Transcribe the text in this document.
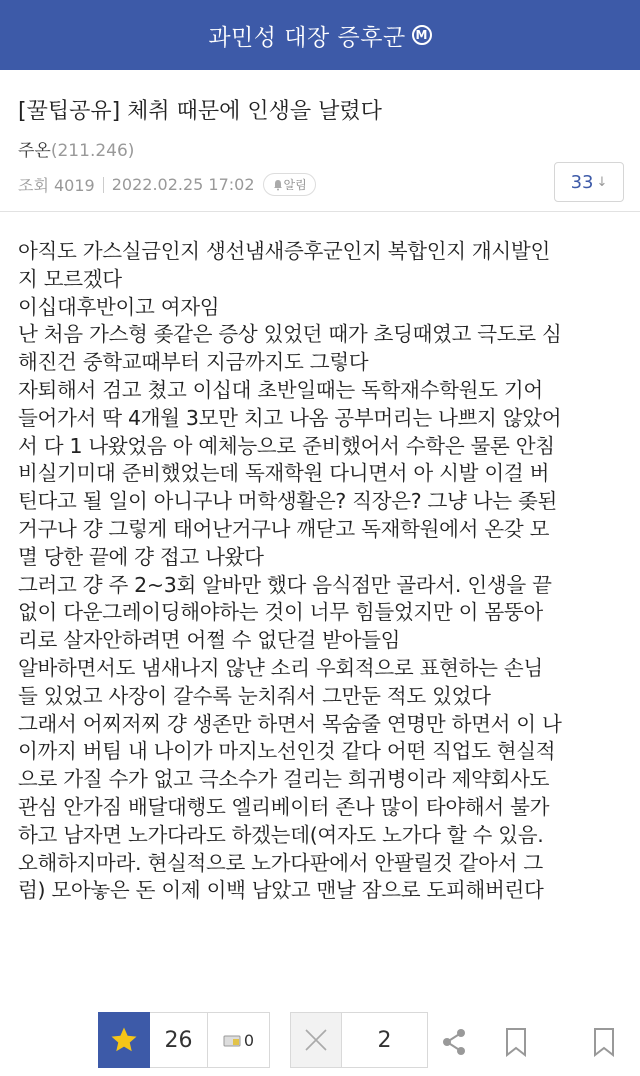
과민성 대장 증후군 M
[꿀팁공유] 체취 때문에 인생을 날렸다
주온(211.246)
조회 4019 2022.02.25 17:02 알림	33 ↓
아직도 가스실금인지 생선냄새증후군인지 복합인지 개시발인
지 모르겠다
이십대후반이고 여자임
난 처음 가스형 좆같은 증상 있었던 때가 초딩때였고 극도로 심
해진건 중학교때부터 지금까지도 그렇다
자퇴해서 검고 쳤고 이십대 초반일때는 독학재수학원도 기어
들어가서 딱 4개월 3모만 치고 나옴 공부머리는 나쁘지 않았어
서 다 1 나왔었음 아 예체능으로 준비했어서 수학은 물론 안침
비실기미대 준비했었는데 독재학원 다니면서 아 시발 이걸 버
틴다고 될 일이 아니구나 머학생활은? 직장은? 그냥 나는 좆된
거구나 걍 그렇게 태어난거구나 깨닫고 독재학원에서 온갖 모
멸 당한 끝에 걍 접고 나왔다
그러고 걍 주 2~3회 알바만 했다 음식점만 골라서. 인생을 끝
없이 다운그레이딩해야하는 것이 너무 힘들었지만 이 몸뚱아
리로 살자안하려면 어쩔 수 없단걸 받아들임
알바하면서도 냄새나지 않냔 소리 우회적으로 표현하는 손님
들 있었고 사장이 갈수록 눈치줘서 그만둔 적도 있었다
그래서 어찌저찌 걍 생존만 하면서 목숨줄 연명만 하면서 이 나
이까지 버팀 내 나이가 마지노선인것 같다 어떤 직업도 현실적
으로 가질 수가 없고 극소수가 걸리는 희귀병이라 제약회사도
관심 안가짐 배달대행도 엘리베이터 존나 많이 타야해서 불가
하고 남자면 노가다라도 하겠는데(여자도 노가다 할 수 있음.
오해하지마라. 현실적으로 노가다판에서 안팔릴것 같아서 그
럼) 모아놓은 돈 이제 이백 남았고 맨날 잠으로 도피해버린다
26	0	2
